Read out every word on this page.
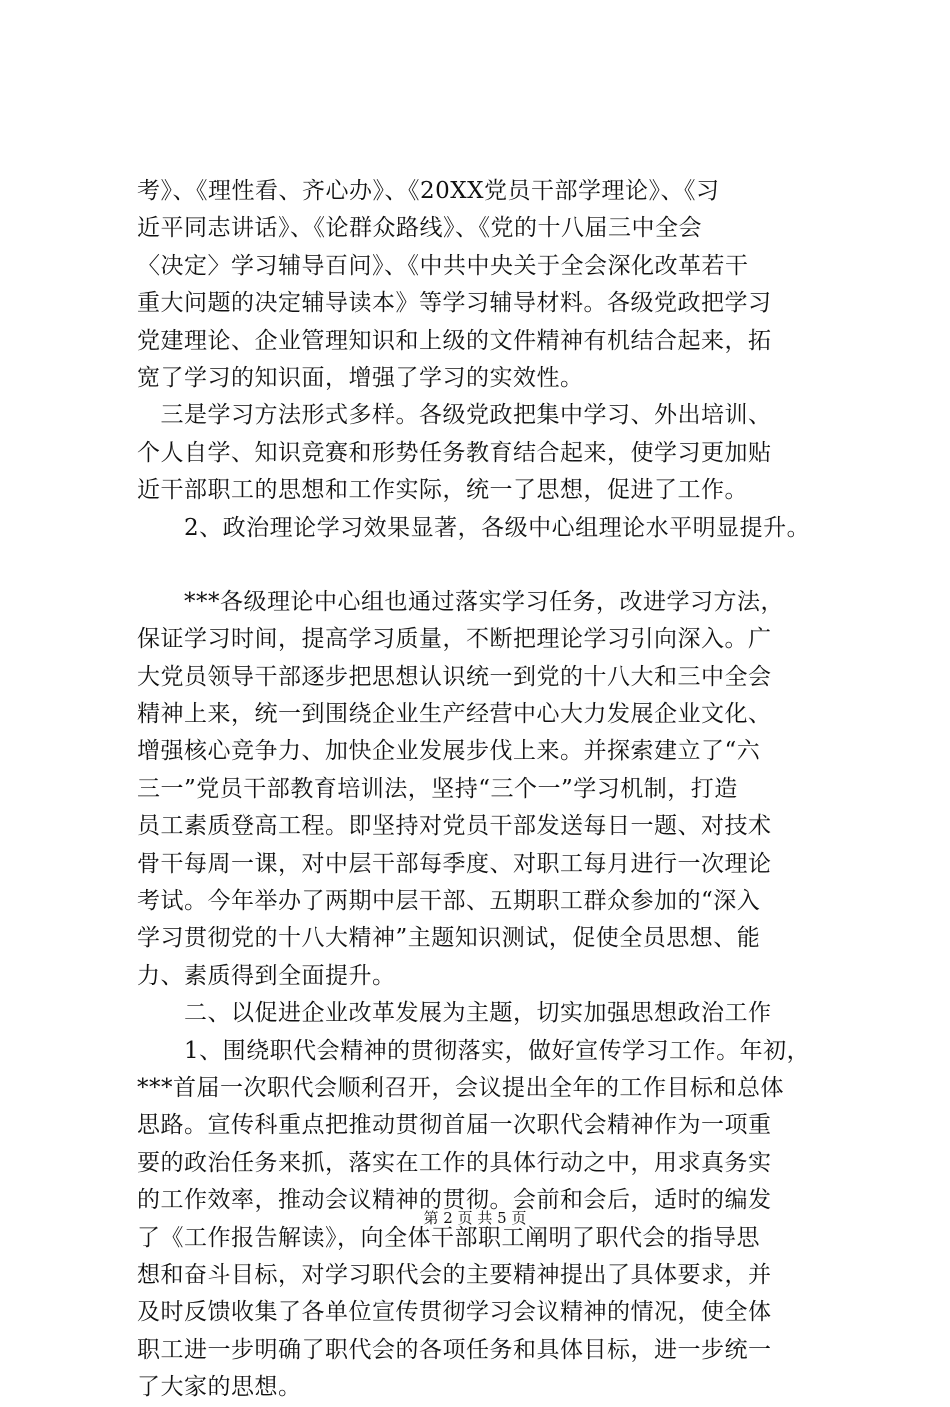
考》、《理性看、齐心办》、《20XX党员干部学理论》、《习
近平同志讲话》、《论群众路线》、《党的十八届三中全会
〈决定〉学习辅导百问》、《中共中央关于全会深化改革若干
重大问题的决定辅导读本》等学习辅导材料。各级党政把学习
党建理论、企业管理知识和上级的文件精神有机结合起来，拓
宽了学习的知识面，增强了学习的实效性。
　三是学习方法形式多样。各级党政把集中学习、外出培训、
个人自学、知识竞赛和形势任务教育结合起来，使学习更加贴
近干部职工的思想和工作实际，统一了思想，促进了工作。
　　2、政治理论学习效果显著，各级中心组理论水平明显提升。
　　***各级理论中心组也通过落实学习任务，改进学习方法，
保证学习时间，提高学习质量，不断把理论学习引向深入。广
大党员领导干部逐步把思想认识统一到党的十八大和三中全会
精神上来，统一到围绕企业生产经营中心大力发展企业文化、
增强核心竞争力、加快企业发展步伐上来。并探索建立了“六
三一”党员干部教育培训法，坚持“三个一”学习机制，打造
员工素质登高工程。即坚持对党员干部发送每日一题、对技术
骨干每周一课，对中层干部每季度、对职工每月进行一次理论
考试。今年举办了两期中层干部、五期职工群众参加的“深入
学习贯彻党的十八大精神”主题知识测试，促使全员思想、能
力、素质得到全面提升。
　　二、以促进企业改革发展为主题，切实加强思想政治工作
　　1、围绕职代会精神的贯彻落实，做好宣传学习工作。年初，
***首届一次职代会顺利召开，会议提出全年的工作目标和总体
思路。宣传科重点把推动贯彻首届一次职代会精神作为一项重
要的政治任务来抓，落实在工作的具体行动之中，用求真务实
的工作效率，推动会议精神的贯彻。会前和会后，适时的编发
了《工作报告解读》，向全体干部职工阐明了职代会的指导思
想和奋斗目标，对学习职代会的主要精神提出了具体要求，并
及时反馈收集了各单位宣传贯彻学习会议精神的情况，使全体
职工进一步明确了职代会的各项任务和具体目标，进一步统一
了大家的思想。
第 2 页 共 5 页
